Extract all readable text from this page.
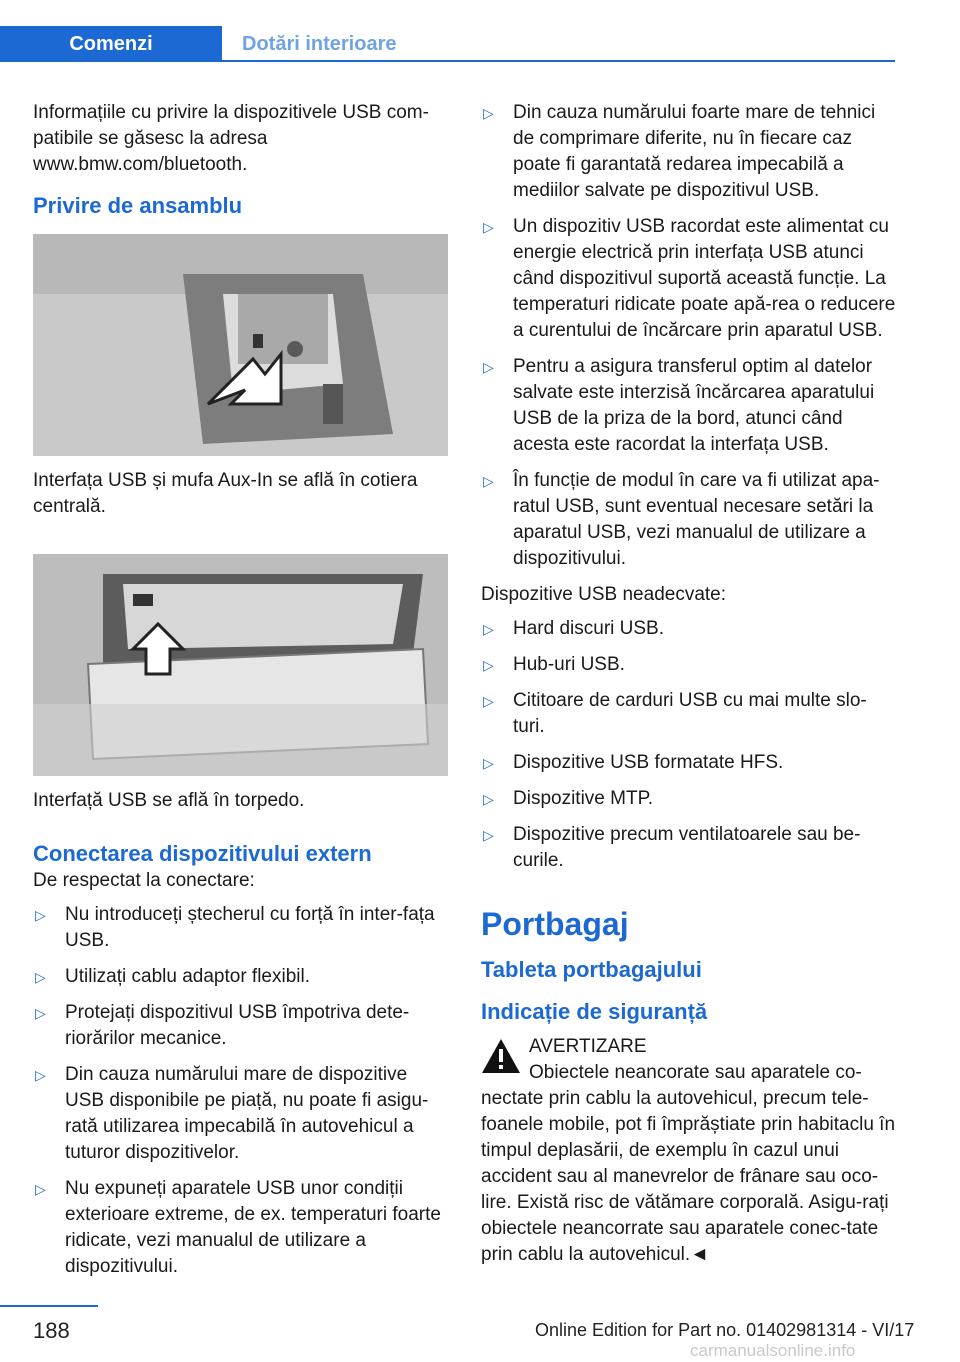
Comenzi	Dotări interioare

Informațiile cu privire la dispozitivele USB com‐patibile se găsesc la adresa www.bmw.com/bluetooth.

Privire de ansamblu

Interfața USB și mufa Aux-In se află în cotiera centrală.

Interfață USB se află în torpedo.

Conectarea dispozitivului extern

De respectat la conectare:

▷ Nu introduceți ștecherul cu forță în inter‐fața USB.
▷ Utilizați cablu adaptor flexibil.
▷ Protejați dispozitivul USB împotriva dete‐riorărilor mecanice.
▷ Din cauza numărului mare de dispozitive USB disponibile pe piață, nu poate fi asigu‐rată utilizarea impecabilă în autovehicul a tuturor dispozitivelor.
▷ Nu expuneți aparatele USB unor condiții exterioare extreme, de ex. temperaturi foarte ridicate, vezi manualul de utilizare a dispozitivului.
▷ Din cauza numărului foarte mare de tehnici de comprimare diferite, nu în fiecare caz poate fi garantată redarea impecabilă a mediilor salvate pe dispozitivul USB.
▷ Un dispozitiv USB racordat este alimentat cu energie electrică prin interfața USB atunci când dispozitivul suportă această funcție. La temperaturi ridicate poate apă‐rea o reducere a curentului de încărcare prin aparatul USB.
▷ Pentru a asigura transferul optim al datelor salvate este interzisă încărcarea aparatului USB de la priza de la bord, atunci când acesta este racordat la interfața USB.
▷ În funcție de modul în care va fi utilizat apa‐ratul USB, sunt eventual necesare setări la aparatul USB, vezi manualul de utilizare a dispozitivului.

Dispozitive USB neadecvate:

▷ Hard discuri USB.
▷ Hub-uri USB.
▷ Cititoare de carduri USB cu mai multe slo‐turi.
▷ Dispozitive USB formatate HFS.
▷ Dispozitive MTP.
▷ Dispozitive precum ventilatoarele sau be‐curile.

Portbagaj

Tableta portbagajului

Indicație de siguranță

AVERTIZARE

Obiectele neancorate sau aparatele co‐nectate prin cablu la autovehicul, precum tele‐foanele mobile, pot fi împrăștiate prin habitaclu în timpul deplasării, de exemplu în cazul unui accident sau al manevrelor de frânare sau oco‐lire. Există risc de vătămare corporală. Asigu‐rați obiectele neancorrate sau aparatele conec‐tate prin cablu la autovehicul.◄

188	Online Edition for Part no. 01402981314 - VI/17
carmanualsonline.info
